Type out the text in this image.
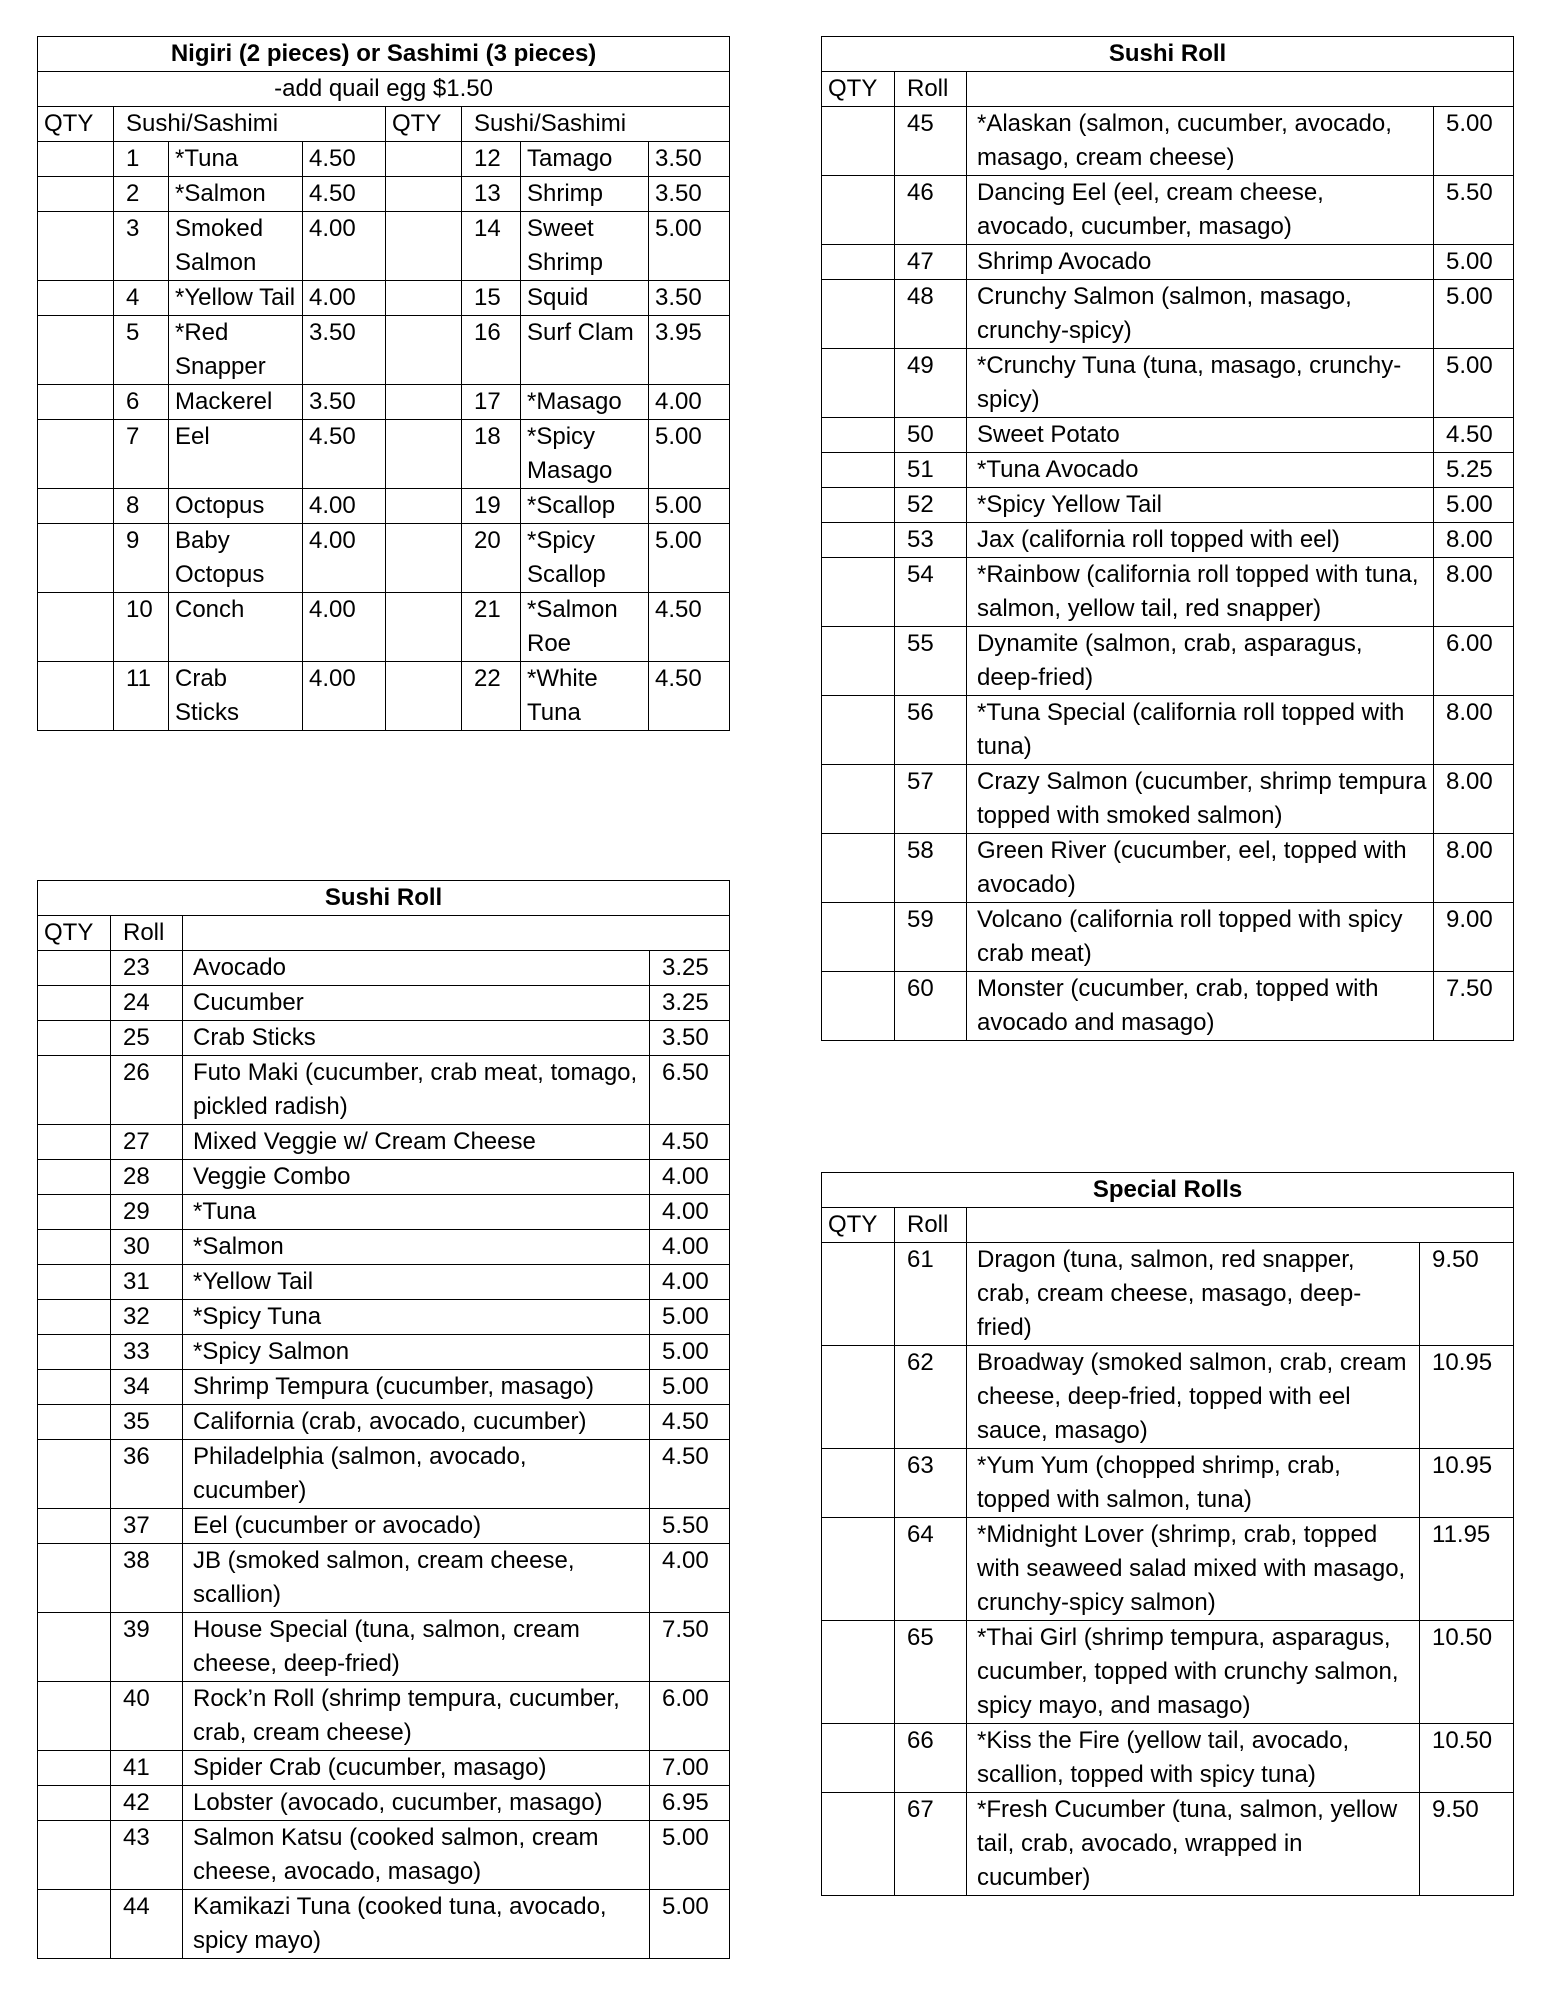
Nigiri (2 pieces) or Sashimi (3 pieces)							
-add quail egg $1.50							
QTY	Sushi/Sashimi			QTY	Sushi/Sashimi		
	1	*Tuna	4.50		12	Tamago	3.50
	2	*Salmon	4.50		13	Shrimp	3.50
	3	Smoked Salmon	4.00		14	Sweet Shrimp	5.00
	4	*Yellow Tail	4.00		15	Squid	3.50
	5	*Red Snapper	3.50		16	Surf Clam	3.95
	6	Mackerel	3.50		17	*Masago	4.00
	7	Eel	4.50		18	*Spicy Masago	5.00
	8	Octopus	4.00		19	*Scallop	5.00
	9	Baby Octopus	4.00		20	*Spicy Scallop	5.00
	10	Conch	4.00		21	*Salmon Roe	4.50
	11	Crab Sticks	4.00		22	*White Tuna	4.50
Sushi Roll			
QTY	Roll		
	23	Avocado	3.25
	24	Cucumber	3.25
	25	Crab Sticks	3.50
	26	Futo Maki (cucumber, crab meat, tomago, pickled radish)	6.50
	27	Mixed Veggie w/ Cream Cheese	4.50
	28	Veggie Combo	4.00
	29	*Tuna	4.00
	30	*Salmon	4.00
	31	*Yellow Tail	4.00
	32	*Spicy Tuna	5.00
	33	*Spicy Salmon	5.00
	34	Shrimp Tempura (cucumber, masago)	5.00
	35	California (crab, avocado, cucumber)	4.50
	36	Philadelphia (salmon, avocado, cucumber)	4.50
	37	Eel (cucumber or avocado)	5.50
	38	JB (smoked salmon, cream cheese, scallion)	4.00
	39	House Special (tuna, salmon, cream cheese, deep-fried)	7.50
	40	Rock’n Roll (shrimp tempura, cucumber, crab, cream cheese)	6.00
	41	Spider Crab (cucumber, masago)	7.00
	42	Lobster (avocado, cucumber, masago)	6.95
	43	Salmon Katsu (cooked salmon, cream cheese, avocado, masago)	5.00
	44	Kamikazi Tuna (cooked tuna, avocado, spicy mayo)	5.00
Sushi Roll			
QTY	Roll		
	45	*Alaskan (salmon, cucumber, avocado, masago, cream cheese)	5.00
	46	Dancing Eel (eel, cream cheese, avocado, cucumber, masago)	5.50
	47	Shrimp Avocado	5.00
	48	Crunchy Salmon (salmon, masago, crunchy-spicy)	5.00
	49	*Crunchy Tuna (tuna, masago, crunchy-spicy)	5.00
	50	Sweet Potato	4.50
	51	*Tuna Avocado	5.25
	52	*Spicy Yellow Tail	5.00
	53	Jax (california roll topped with eel)	8.00
	54	*Rainbow (california roll topped with tuna, salmon, yellow tail, red snapper)	8.00
	55	Dynamite (salmon, crab, asparagus, deep-fried)	6.00
	56	*Tuna Special (california roll topped with tuna)	8.00
	57	Crazy Salmon (cucumber, shrimp tempura topped with smoked salmon)	8.00
	58	Green River (cucumber, eel, topped with avocado)	8.00
	59	Volcano (california roll topped with spicy crab meat)	9.00
	60	Monster (cucumber, crab, topped with avocado and masago)	7.50
Special Rolls			
QTY	Roll		
	61	Dragon (tuna, salmon, red snapper, crab, cream cheese, masago, deep-fried)	9.50
	62	Broadway (smoked salmon, crab, cream cheese, deep-fried, topped with eel sauce, masago)	10.95
	63	*Yum Yum (chopped shrimp, crab, topped with salmon, tuna)	10.95
	64	*Midnight Lover (shrimp, crab, topped with seaweed salad mixed with masago, crunchy-spicy salmon)	11.95
	65	*Thai Girl (shrimp tempura, asparagus, cucumber, topped with crunchy salmon, spicy mayo, and masago)	10.50
	66	*Kiss the Fire (yellow tail, avocado, scallion, topped with spicy tuna)	10.50
	67	*Fresh Cucumber (tuna, salmon, yellow tail, crab, avocado, wrapped in cucumber)	9.50
